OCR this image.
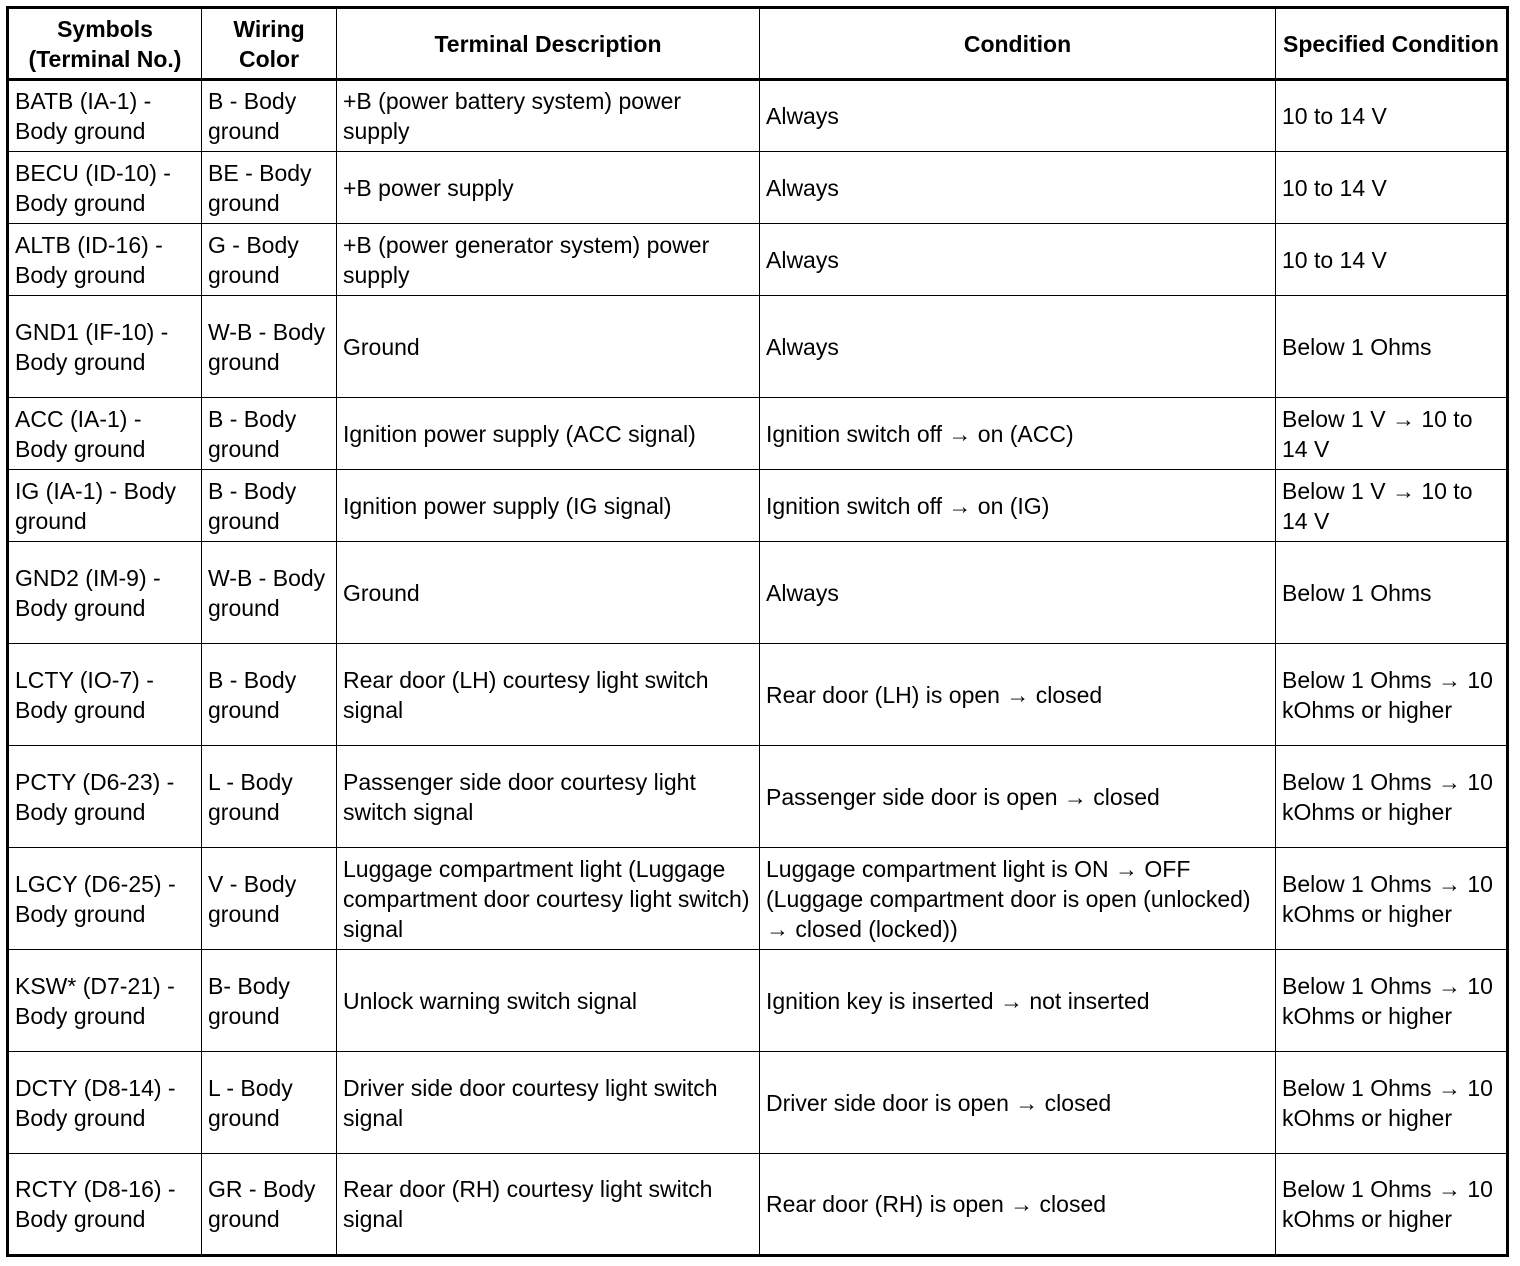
Symbols (Terminal No.)	Wiring Color	Terminal Description	Condition	Specified Condition
BATB (IA-1) - Body ground	B - Body ground	+B (power battery system) power supply	Always	10 to 14 V
BECU (ID-10) - Body ground	BE - Body ground	+B power supply	Always	10 to 14 V
ALTB (ID-16) - Body ground	G - Body ground	+B (power generator system) power supply	Always	10 to 14 V
GND1 (IF-10) - Body ground	W-B - Body ground	Ground	Always	Below 1 Ohms
ACC (IA-1) - Body ground	B - Body ground	Ignition power supply (ACC signal)	Ignition switch off → on (ACC)	Below 1 V → 10 to 14 V
IG (IA-1) - Body ground	B - Body ground	Ignition power supply (IG signal)	Ignition switch off → on (IG)	Below 1 V → 10 to 14 V
GND2 (IM-9) - Body ground	W-B - Body ground	Ground	Always	Below 1 Ohms
LCTY (IO-7) - Body ground	B - Body ground	Rear door (LH) courtesy light switch signal	Rear door (LH) is open → closed	Below 1 Ohms → 10 kOhms or higher
PCTY (D6-23) - Body ground	L - Body ground	Passenger side door courtesy light switch signal	Passenger side door is open → closed	Below 1 Ohms → 10 kOhms or higher
LGCY (D6-25) - Body ground	V - Body ground	Luggage compartment light (Luggage compartment door courtesy light switch) signal	Luggage compartment light is ON → OFF (Luggage compartment door is open (unlocked) → closed (locked))	Below 1 Ohms → 10 kOhms or higher
KSW* (D7-21) - Body ground	B- Body ground	Unlock warning switch signal	Ignition key is inserted → not inserted	Below 1 Ohms → 10 kOhms or higher
DCTY (D8-14) - Body ground	L - Body ground	Driver side door courtesy light switch signal	Driver side door is open → closed	Below 1 Ohms → 10 kOhms or higher
RCTY (D8-16) - Body ground	GR - Body ground	Rear door (RH) courtesy light switch signal	Rear door (RH) is open → closed	Below 1 Ohms → 10 kOhms or higher
